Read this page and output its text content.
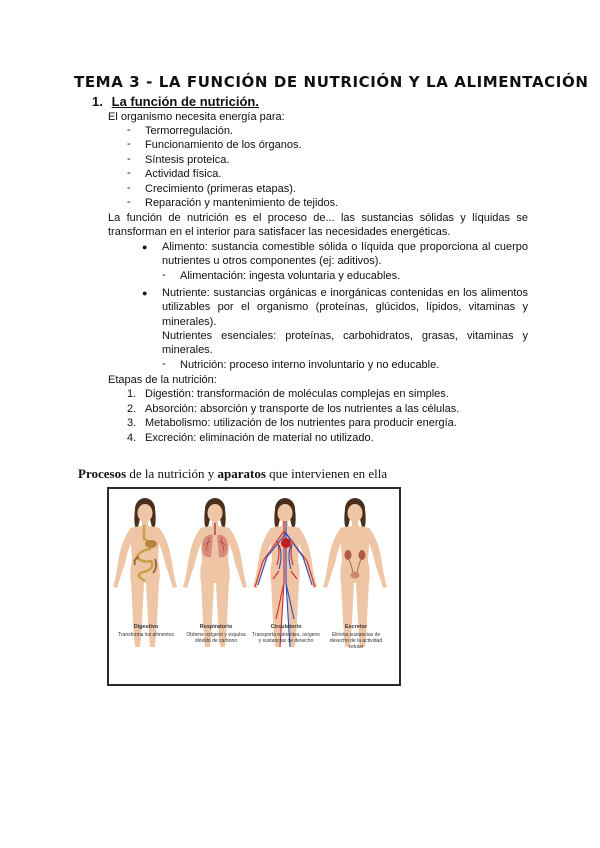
TEMA 3 - LA FUNCIÓN DE NUTRICIÓN Y LA ALIMENTACIÓN
1. La función de nutrición.
El organismo necesita energía para:
- Termorregulación.
- Funcionamiento de los órganos.
- Síntesis proteica.
- Actividad física.
- Crecimiento (primeras etapas).
- Reparación y mantenimiento de tejidos.
La función de nutrición es el proceso de... las sustancias sólidas y líquidas se transforman en el interior para satisfacer las necesidades energéticas.
● Alimento: sustancia comestible sólida o líquida que proporciona al cuerpo nutrientes u otros componentes (ej: aditivos).
- Alimentación: ingesta voluntaria y educables.
● Nutriente: sustancias orgánicas e inorgánicas contenidas en los alimentos utilizables por el organismo (proteínas, glúcidos, lípidos, vitaminas y minerales).
Nutrientes esenciales: proteínas, carbohidratos, grasas, vitaminas y minerales.
- Nutrición: proceso interno involuntario y no educable.
Etapas de la nutrición:
1. Digestión: transformación de moléculas complejas en simples.
2. Absorción: absorción y transporte de los nutrientes a las células.
3. Metabolismo: utilización de los nutrientes para producir energía.
4. Excreción: eliminación de material no utilizado.
Procesos de la nutrición y aparatos que intervienen en ella
Digestivo
Transforma los alimentos
Respiratorio
Obtiene oxígeno y expulsa dióxido de carbono
Circulatorio
Transporta nutrientes, oxígeno y sustancias de desecho
Excretor
Elimina sustancias de desecho de la actividad celular
